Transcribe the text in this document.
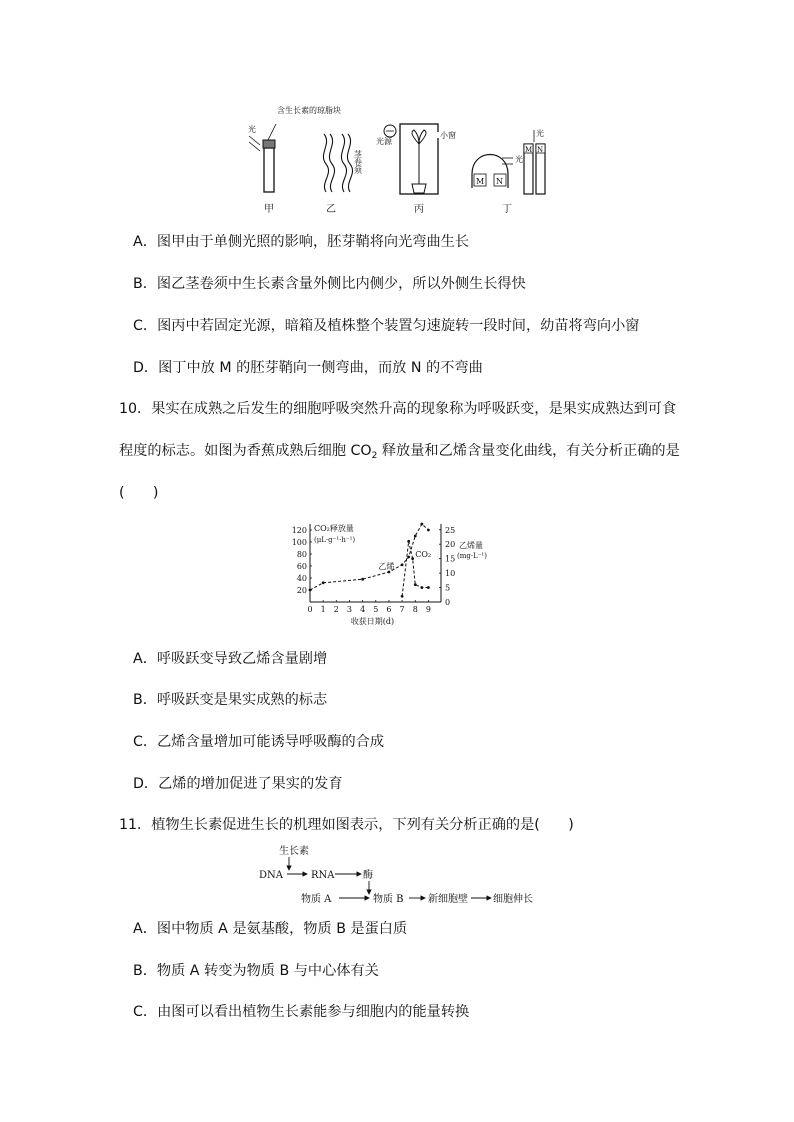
含生长素的琼脂块
光
甲
茎卷须
乙
小窗
光源
丙
M N
光
M N
光
丁
A．图甲由于单侧光照的影响，胚芽鞘将向光弯曲生长
B．图乙茎卷须中生长素含量外侧比内侧少，所以外侧生长得快
C．图丙中若固定光源，暗箱及植株整个装置匀速旋转一段时间，幼苗将弯向小窗
D．图丁中放 M 的胚芽鞘向一侧弯曲，而放 N 的不弯曲
10．果实在成熟之后发生的细胞呼吸突然升高的现象称为呼吸跃变，是果实成熟达到可食
程度的标志。如图为香蕉成熟后细胞 $CO_2$ 释放量和乙烯含量变化曲线，有关分析正确的是
(　　)
0 1 2 3 4 5 6 7 8 9
收获日期(d)
120
100
80
60
40
20
CO₂释放量
(μL·g⁻¹·h⁻¹)
25
20
15
10
5
0
乙烯量
(mg·L⁻¹)
乙烯
CO₂
A．呼吸跃变导致乙烯含量剧增
B．呼吸跃变是果实成熟的标志
C．乙烯含量增加可能诱导呼吸酶的合成
D．乙烯的增加促进了果实的发育
11．植物生长素促进生长的机理如图表示，下列有关分析正确的是(　　)
生长素
DNA	RNA	酶
物质 A	物质 B 新细胞壁	细胞伸长
A．图中物质 A 是氨基酸，物质 B 是蛋白质
B．物质 A 转变为物质 B 与中心体有关
C．由图可以看出植物生长素能参与细胞内的能量转换
